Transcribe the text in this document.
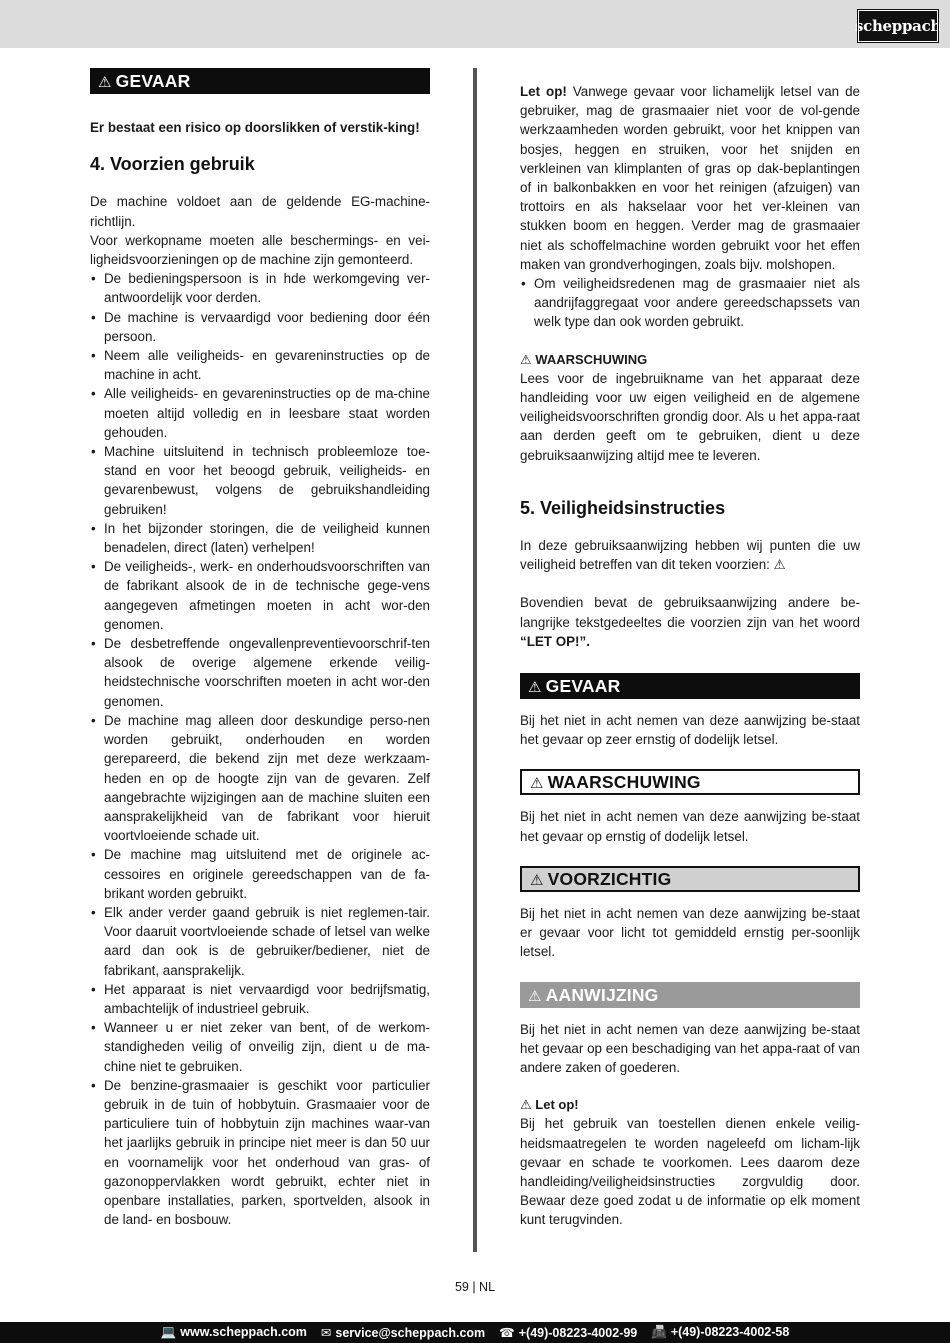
scheppach
⚠ GEVAAR

Er bestaat een risico op doorslikken of verstik-king!

4. Voorzien gebruik

De machine voldoet aan de geldende EG-machine-richtlijn.

Voor werkopname moeten alle beschermings- en vei-ligheidsvoorzieningen op de machine zijn gemonteerd.

• De bedieningspersoon is in hde werkomgeving ver-antwoordelijk voor derden.
• De machine is vervaardigd voor bediening door één persoon.
• Neem alle veiligheids- en gevareninstructies op de machine in acht.
• Alle veiligheids- en gevareninstructies op de ma-chine moeten altijd volledig en in leesbare staat worden gehouden.
• Machine uitsluitend in technisch probleemloze toe-stand en voor het beoogd gebruik, veiligheids- en gevarenbewust, volgens de gebruikshandleiding gebruiken!
• In het bijzonder storingen, die de veiligheid kunnen benadelen, direct (laten) verhelpen!
• De veiligheids-, werk- en onderhoudsvoorschriften van de fabrikant alsook de in de technische gege-vens aangegeven afmetingen moeten in acht wor-den genomen.
• De desbetreffende ongevallenpreventievoorschrif-ten alsook de overige algemene erkende veilig-heidstechnische voorschriften moeten in acht wor-den genomen.
• De machine mag alleen door deskundige perso-nen worden gebruikt, onderhouden en worden gerepareerd, die bekend zijn met deze werkzaam-heden en op de hoogte zijn van de gevaren. Zelf aangebrachte wijzigingen aan de machine sluiten een aansprakelijkheid van de fabrikant voor hieruit voortvloeiende schade uit.
• De machine mag uitsluitend met de originele ac-cessoires en originele gereedschappen van de fa-brikant worden gebruikt.
• Elk ander verder gaand gebruik is niet reglemen-tair. Voor daaruit voortvloeiende schade of letsel van welke aard dan ook is de gebruiker/bediener, niet de fabrikant, aansprakelijk.
• Het apparaat is niet vervaardigd voor bedrijfsmatig, ambachtelijk of industrieel gebruik.
• Wanneer u er niet zeker van bent, of de werkom-standigheden veilig of onveilig zijn, dient u de ma-chine niet te gebruiken.
• De benzine-grasmaaier is geschikt voor particulier gebruik in de tuin of hobbytuin. Grasmaaier voor de particuliere tuin of hobbytuin zijn machines waar-van het jaarlijks gebruik in principe niet meer is dan 50 uur en voornamelijk voor het onderhoud van gras- of gazonoppervlakken wordt gebruikt, echter niet in openbare installaties, parken, sportvelden, alsook in de land- en bosbouw.

Let op! Vanwege gevaar voor lichamelijk letsel van de gebruiker, mag de grasmaaier niet voor de vol-gende werkzaamheden worden gebruikt, voor het knippen van bosjes, heggen en struiken, voor het snijden en verkleinen van klimplanten of gras op dak-beplantingen of in balkonbakken en voor het reinigen (afzuigen) van trottoirs en als hakselaar voor het ver-kleinen van stukken boom en heggen. Verder mag de grasmaaier niet als schoffelmachine worden gebruikt voor het effen maken van grondverhogingen, zoals bijv. molshopen.

• Om veiligheidsredenen mag de grasmaaier niet als aandrijfaggregaat voor andere gereedschapssets van welk type dan ook worden gebruikt.
⚠ WAARSCHUWING

Lees voor de ingebruikname van het apparaat deze handleiding voor uw eigen veiligheid en de algemene veiligheidsvoorschriften grondig door. Als u het appa-raat aan derden geeft om te gebruiken, dient u deze gebruiksaanwijzing altijd mee te leveren.

5. Veiligheidsinstructies

In deze gebruiksaanwijzing hebben wij punten die uw veiligheid betreffen van dit teken voorzien: ⚠

Bovendien bevat de gebruiksaanwijzing andere be-langrijke tekstgedeeltes die voorzien zijn van het woord “LET OP!”.

⚠ GEVAAR

Bij het niet in acht nemen van deze aanwijzing be-staat het gevaar op zeer ernstig of dodelijk letsel.

⚠ WAARSCHUWING

Bij het niet in acht nemen van deze aanwijzing be-staat het gevaar op ernstig of dodelijk letsel.

⚠ VOORZICHTIG

Bij het niet in acht nemen van deze aanwijzing be-staat er gevaar voor licht tot gemiddeld ernstig per-soonlijk letsel.

⚠ AANWIJZING

Bij het niet in acht nemen van deze aanwijzing be-staat het gevaar op een beschadiging van het appa-raat of van andere zaken of goederen.

⚠ Let op!

Bij het gebruik van toestellen dienen enkele veilig-heidsmaatregelen te worden nageleefd om licham-lijk gevaar en schade te voorkomen. Lees daarom deze handleiding/veiligheidsinstructies zorgvuldig door. Bewaar deze goed zodat u de informatie op elk moment kunt terugvinden.

59 | NL
💻 www.scheppach.com ✉ service@scheppach.com ☎ +(49)-08223-4002-99 📠 +(49)-08223-4002-58
